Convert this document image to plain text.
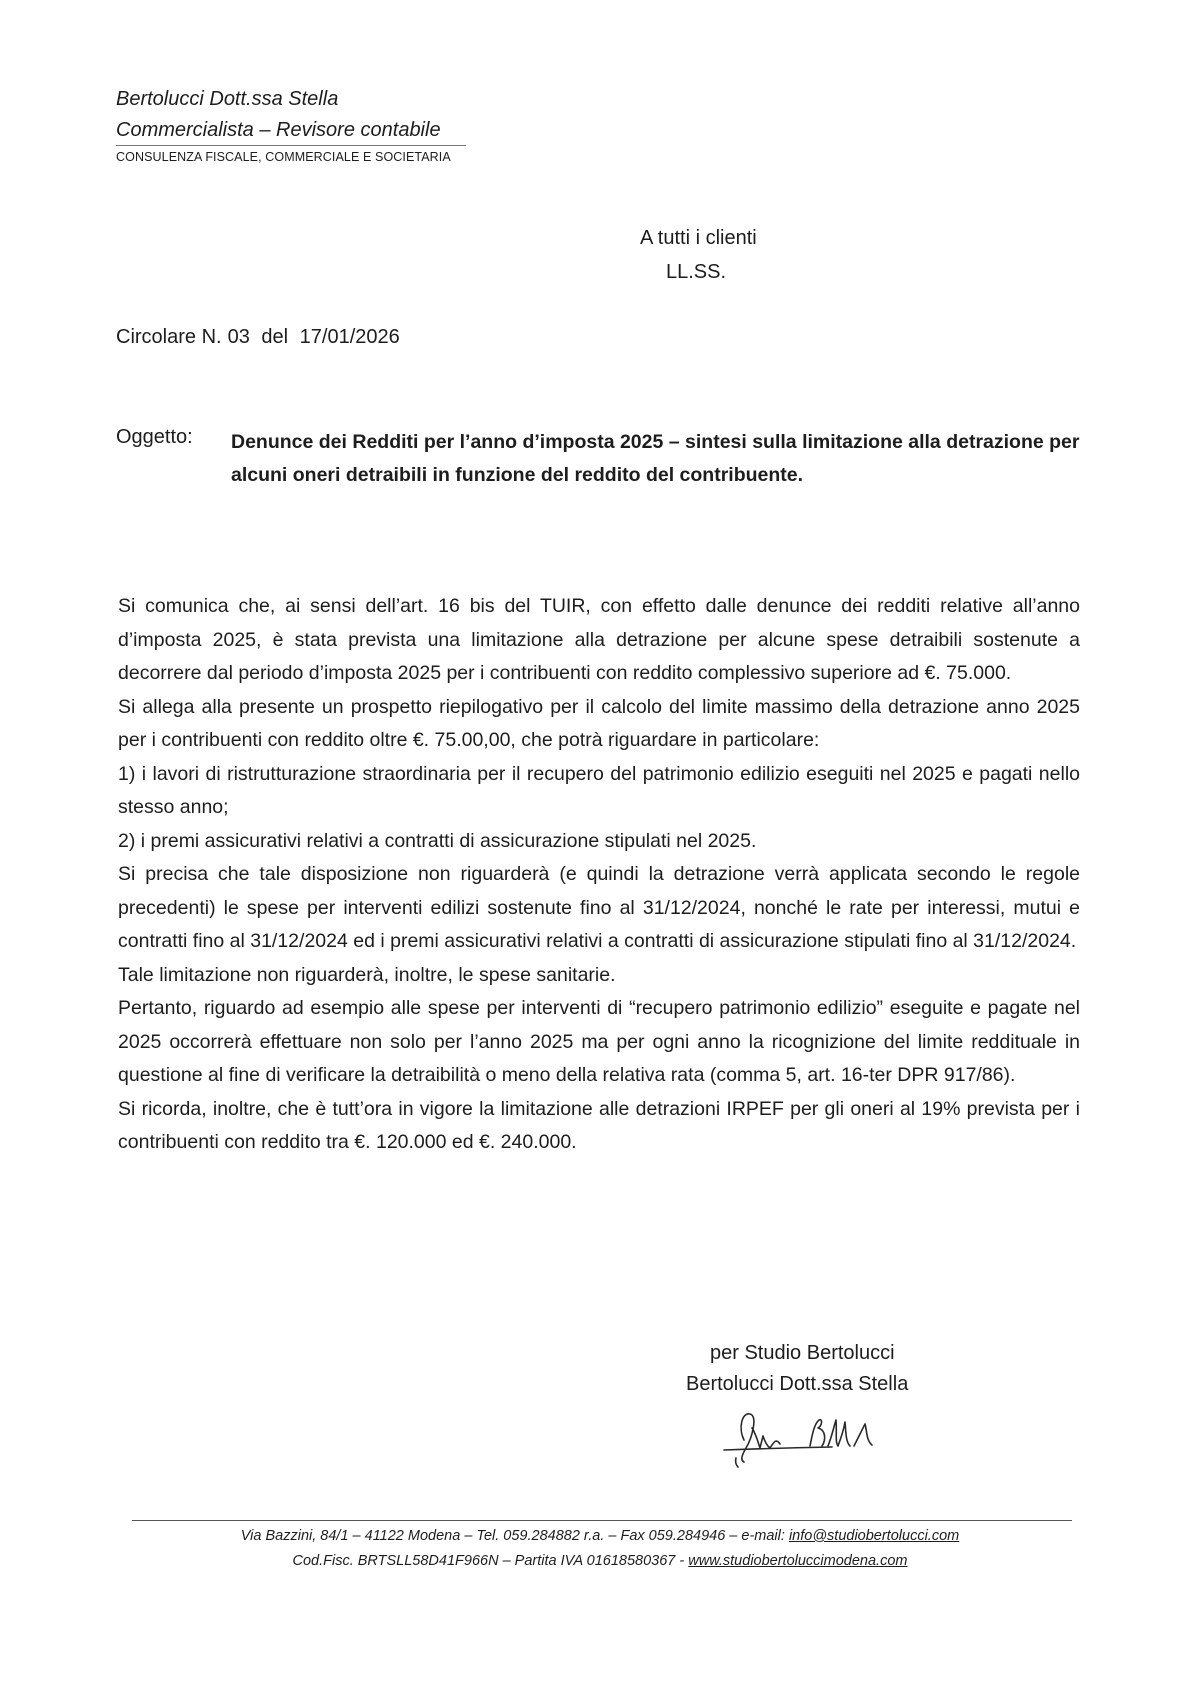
Bertolucci Dott.ssa Stella
Commercialista – Revisore contabile
CONSULENZA FISCALE, COMMERCIALE E SOCIETARIA
A tutti i clienti
LL.SS.
Circolare N. 03 del 17/01/2026
Oggetto: Denunce dei Redditi per l’anno d’imposta 2025 – sintesi sulla limitazione alla detrazione per alcuni oneri detraibili in funzione del reddito del contribuente.

Si comunica che, ai sensi dell’art. 16 bis del TUIR, con effetto dalle denunce dei redditi relative all’anno d’imposta 2025, è stata prevista una limitazione alla detrazione per alcune spese detraibili sostenute a decorrere dal periodo d’imposta 2025 per i contribuenti con reddito complessivo superiore ad €. 75.000.

Si allega alla presente un prospetto riepilogativo per il calcolo del limite massimo della detrazione anno 2025 per i contribuenti con reddito oltre €. 75.00,00, che potrà riguardare in particolare:

1) i lavori di ristrutturazione straordinaria per il recupero del patrimonio edilizio eseguiti nel 2025 e pagati nello stesso anno;

2) i premi assicurativi relativi a contratti di assicurazione stipulati nel 2025.

Si precisa che tale disposizione non riguarderà (e quindi la detrazione verrà applicata secondo le regole precedenti) le spese per interventi edilizi sostenute fino al 31/12/2024, nonché le rate per interessi, mutui e contratti fino al 31/12/2024 ed i premi assicurativi relativi a contratti di assicurazione stipulati fino al 31/12/2024.

Tale limitazione non riguarderà, inoltre, le spese sanitarie.

Pertanto, riguardo ad esempio alle spese per interventi di “recupero patrimonio edilizio” eseguite e pagate nel 2025 occorrerà effettuare non solo per l’anno 2025 ma per ogni anno la ricognizione del limite reddituale in questione al fine di verificare la detraibilità o meno della relativa rata (comma 5, art. 16-ter DPR 917/86).

Si ricorda, inoltre, che è tutt’ora in vigore la limitazione alle detrazioni IRPEF per gli oneri al 19% prevista per i contribuenti con reddito tra €. 120.000 ed €. 240.000.

per Studio Bertolucci
Bertolucci Dott.ssa Stella
Via Bazzini, 84/1 – 41122 Modena – Tel. 059.284882 r.a. – Fax 059.284946 – e-mail: info@studiobertolucci.com
Cod.Fisc. BRTSLL58D41F966N – Partita IVA 01618580367 - www.studiobertoluccimodena.com
